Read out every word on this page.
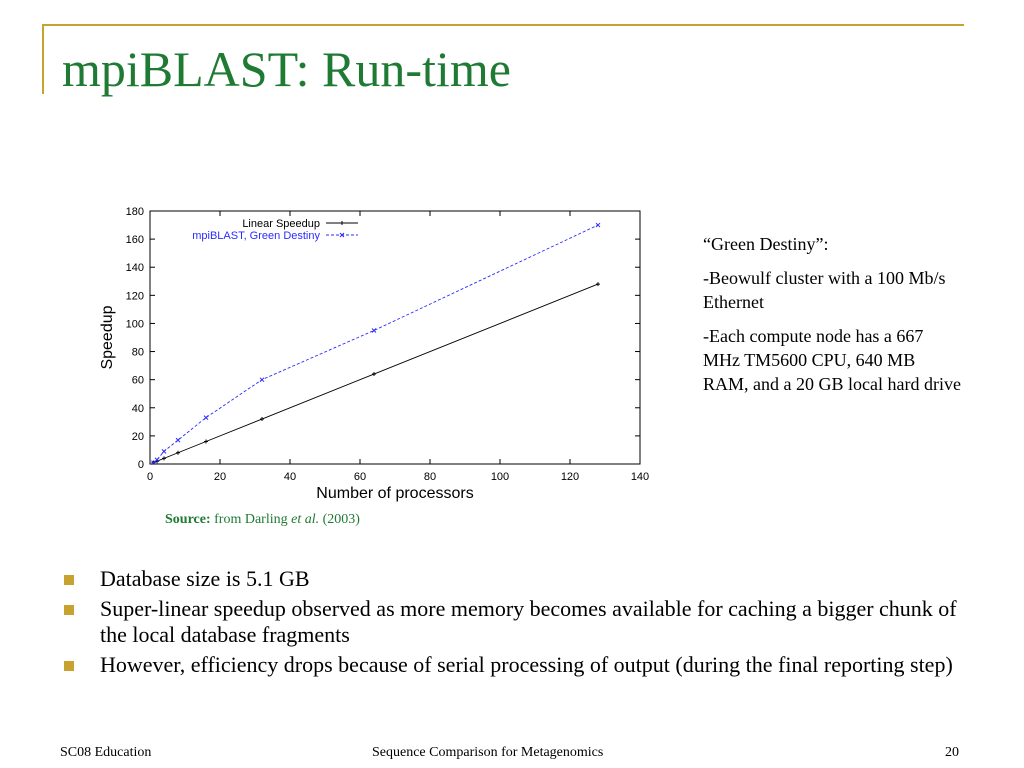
mpiBLAST: Run-time
0	20	40	60	80	100	120	140
0
20
40
60
80
100
120
140
160
180
Number of processors
Speedup
Linear Speedup
mpiBLAST, Green Destiny
Source: from Darling et al. (2003)

“Green Destiny”:

-Beowulf cluster with a 100 Mb/s Ethernet

-Each compute node has a 667 MHz TM5600 CPU, 640 MB RAM, and a 20 GB local hard drive

Database size is 5.1 GB
Super-linear speedup observed as more memory becomes available for caching a bigger chunk of the local database fragments
However, efficiency drops because of serial processing of output (during the final reporting step)
SC08 Education	Sequence Comparison for Metagenomics	20
